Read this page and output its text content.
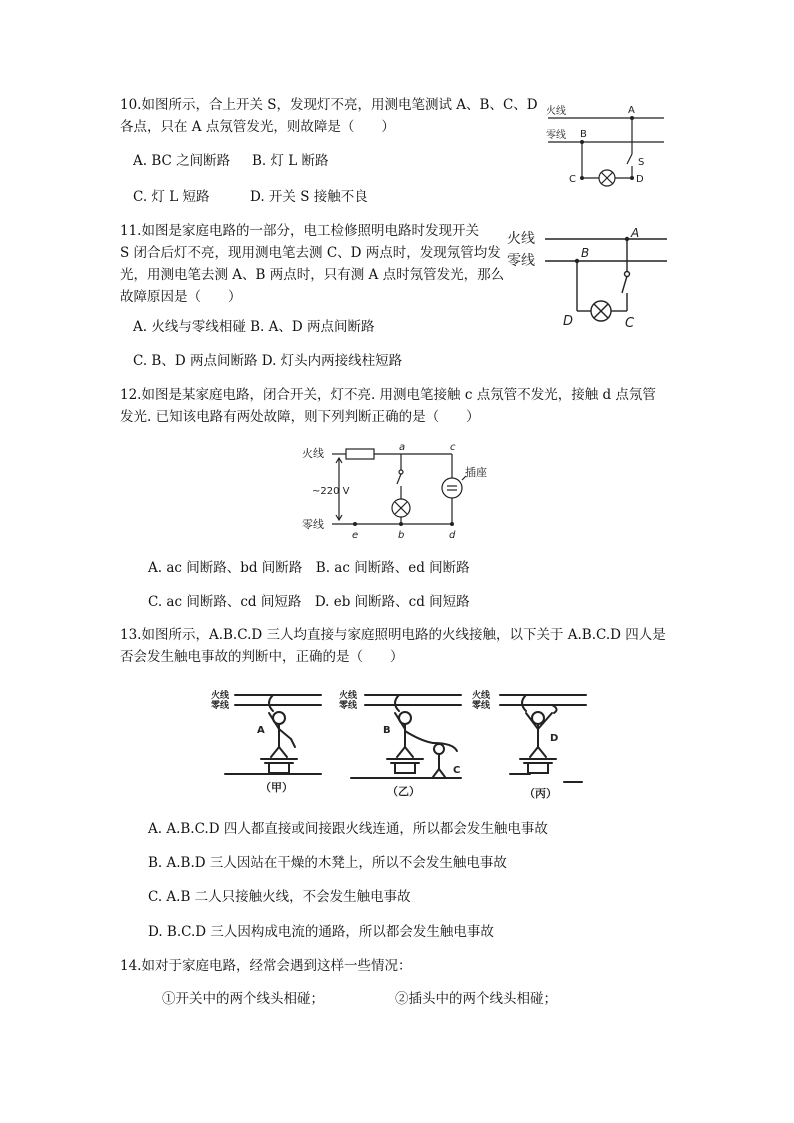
10.如图所示，合上开关 S，发现灯不亮，用测电笔测试 A、B、C、D
各点，只在 A 点氖管发光，则故障是（　　）
A. BC 之间断路 B. 灯 L 断路
C. 灯 L 短路	D. 开关 S 接触不良
火线
零线
A
B
C	D
S
11.如图是家庭电路的一部分，电工检修照明电路时发现开关
S 闭合后灯不亮，现用测电笔去测 C、D 两点时，发现氖管均发
光，用测电笔去测 A、B 两点时，只有测 A 点时氖管发光，那么
故障原因是（　　）
A. 火线与零线相碰 B. A、D 两点间断路
C. B、D 两点间断路 D. 灯头内两接线柱短路
火线
零线
A
B
D	C
12.如图是某家庭电路，闭合开关，灯不亮. 用测电笔接触 c 点氖管不发光，接触 d 点氖管
发光. 已知该电路有两处故障，则下列判断正确的是（　　）
火线
零线
~220 V
插座
a	c
e	b	d
A. ac 间断路、bd 间断路　B. ac 间断路、ed 间断路
C. ac 间断路、cd 间短路　D. eb 间断路、cd 间短路
13.如图所示，A.B.C.D 三人均直接与家庭照明电路的火线接触，以下关于 A.B.C.D 四人是
否会发生触电事故的判断中，正确的是（　　）
火线
零线
A
（甲）
火线
零线
B
C
（乙）
火线
零线
D
（丙）
A. A.B.C.D 四人都直接或间接跟火线连通，所以都会发生触电事故
B. A.B.D 三人因站在干燥的木凳上，所以不会发生触电事故
C. A.B 二人只接触火线，不会发生触电事故
D. B.C.D 三人因构成电流的通路，所以都会发生触电事故
14.如对于家庭电路，经常会遇到这样一些情况：
①开关中的两个线头相碰；	②插头中的两个线头相碰；
